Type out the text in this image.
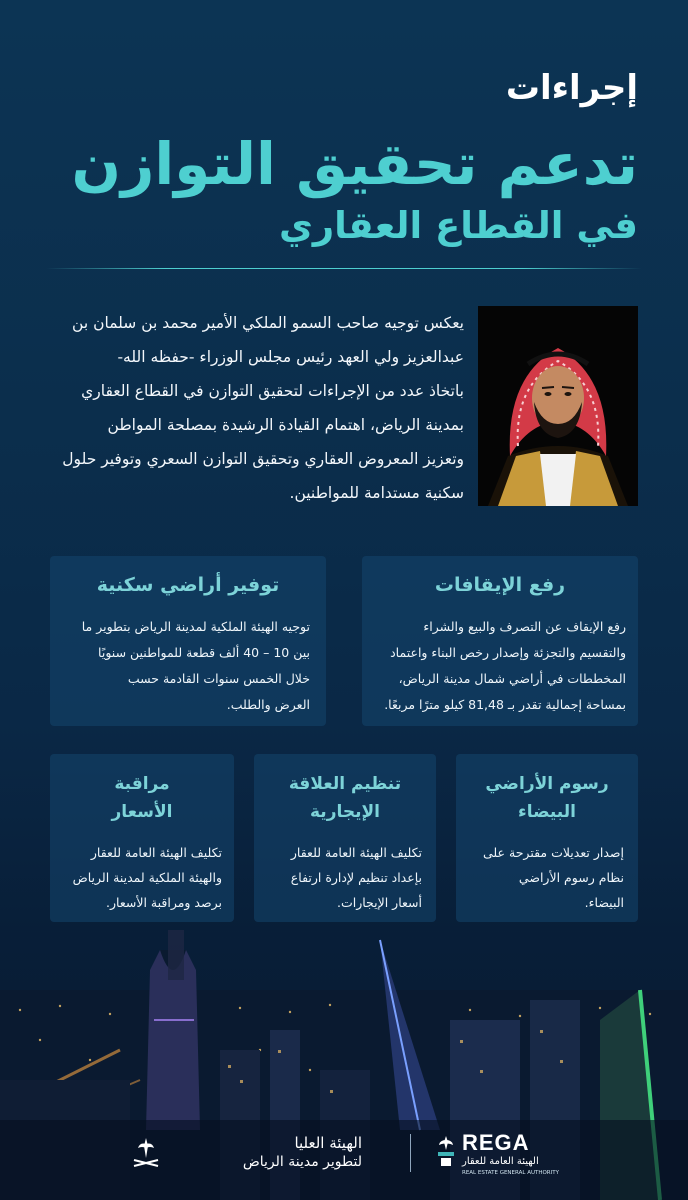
إجراءات
تدعم تحقيق التوازن
في القطاع العقاري
يعكس توجيه صاحب السمو الملكي الأمير محمد بن سلمان بن
عبدالعزيز ولي العهد رئيس مجلس الوزراء -حفظه الله-
باتخاذ عدد من الإجراءات لتحقيق التوازن في القطاع العقاري
بمدينة الرياض، اهتمام القيادة الرشيدة بمصلحة المواطن
وتعزيز المعروض العقاري وتحقيق التوازن السعري وتوفير حلول
سكنية مستدامة للمواطنين.
رفع الإيقافات
رفع الإيقاف عن التصرف والبيع والشراء
والتقسيم والتجزئة وإصدار رخص البناء واعتماد
المخططات في أراضي شمال مدينة الرياض،
بمساحة إجمالية تقدر بـ 81,48 كيلو مترًا مربعًا.
توفير أراضي سكنية
توجيه الهيئة الملكية لمدينة الرياض بتطوير ما
بين 10 – 40 ألف قطعة للمواطنين سنويًا
خلال الخمس سنوات القادمة حسب
العرض والطلب.
رسوم الأراضي
البيضاء
إصدار تعديلات مقترحة على
نظام رسوم الأراضي
البيضاء.
تنظيم العلاقة
الإيجارية
تكليف الهيئة العامة للعقار
بإعداد تنظيم لإدارة ارتفاع
أسعار الإيجارات.
مراقبة
الأسعار
تكليف الهيئة العامة للعقار
والهيئة الملكية لمدينة الرياض
برصد ومراقبة الأسعار.
الهيئة العليا
لتطوير مدينة الرياض
REGA
الهيئة العامة للعقار
REAL ESTATE GENERAL AUTHORITY
